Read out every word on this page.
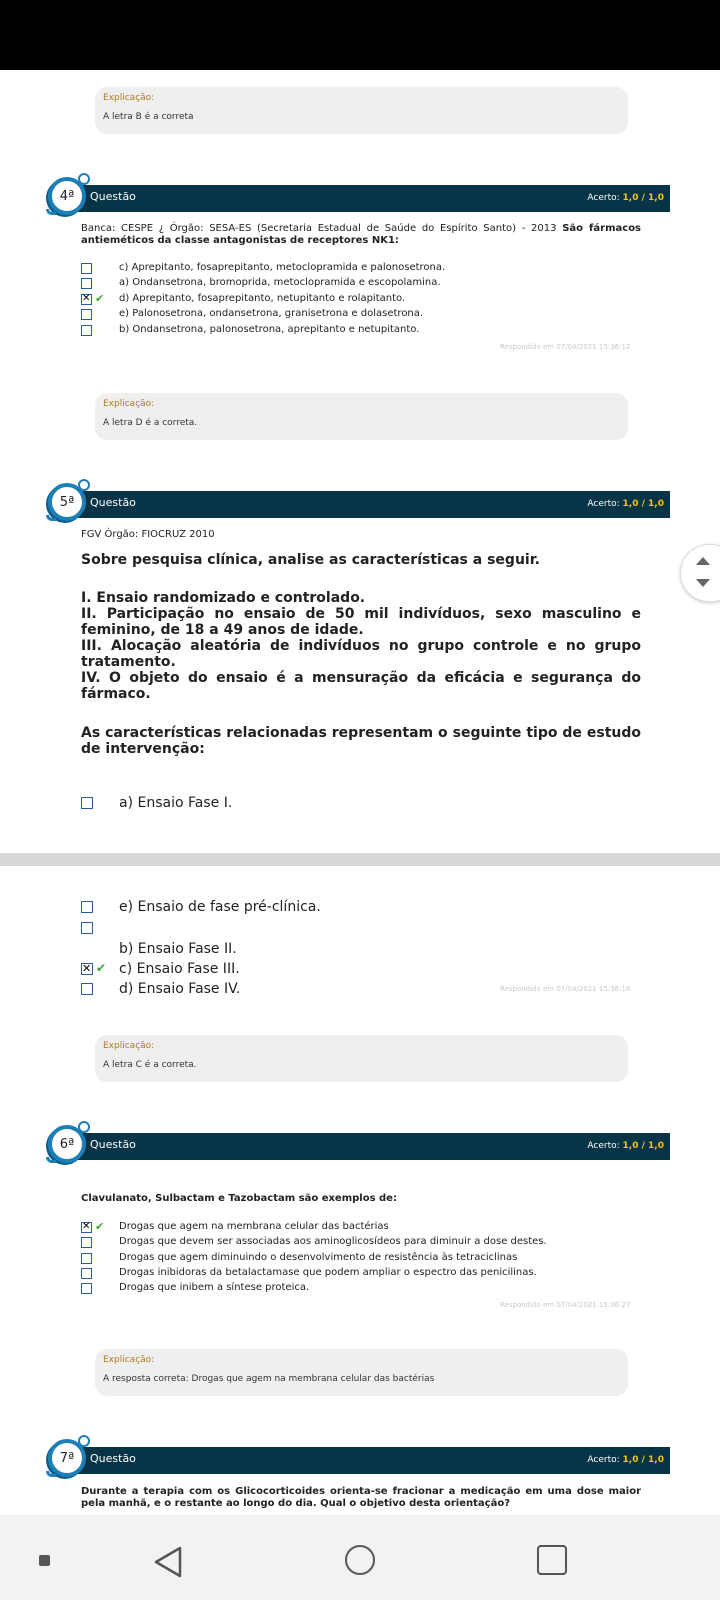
Explicação:
A letra B é a correta
Questão	Acerto: 1,0 / 1,0
4ª
Banca: CESPE ¿ Órgão: SESA-ES (Secretaria Estadual de Saúde do Espírito Santo) - 2013 São fármacos antieméticos da classe antagonistas de receptores NK1:
c) Aprepitanto, fosaprepitanto, metoclopramida e palonosetrona.
a) Ondansetrona, bromoprida, metoclopramida e escopolamina.
✕
✔ d) Aprepitanto, fosaprepitanto, netupitanto e rolapitanto.
e) Palonosetrona, ondansetrona, granisetrona e dolasetrona.
b) Ondansetrona, palonosetrona, aprepitanto e netupitanto.
Respondido em 07/04/2021 15:36:12
Explicação:
A letra D é a correta.
Questão	Acerto: 1,0 / 1,0
5ª
FGV Órgão: FIOCRUZ 2010
Sobre pesquisa clínica, analise as características a seguir.
I. Ensaio randomizado e controlado.
II. Participação no ensaio de 50 mil indivíduos, sexo masculino e feminino, de 18 a 49 anos de idade.
III. Alocação aleatória de indivíduos no grupo controle e no grupo tratamento.
IV. O objeto do ensaio é a mensuração da eficácia e segurança do fármaco.
As características relacionadas representam o seguinte tipo de estudo de intervenção:
a) Ensaio Fase I.
e) Ensaio de fase pré-clínica.
b) Ensaio Fase II.
✕
✔ c) Ensaio Fase III.
d) Ensaio Fase IV.	Respondido em 07/04/2021 15:36:18
Explicação:
A letra C é a correta.
Questão	Acerto: 1,0 / 1,0
6ª
Clavulanato, Sulbactam e Tazobactam são exemplos de:
✕
✔ Drogas que agem na membrana celular das bactérias
Drogas que devem ser associadas aos aminoglicosídeos para diminuir a dose destes.
Drogas que agem diminuindo o desenvolvimento de resistência às tetraciclinas
Drogas inibidoras da betalactamase que podem ampliar o espectro das penicilinas.
Drogas que inibem a síntese proteica.
Respondido em 07/04/2021 15:36:27
Explicação:
A resposta correta: Drogas que agem na membrana celular das bactérias
Questão	Acerto: 1,0 / 1,0
7ª
Durante a terapia com os Glicocorticoides orienta-se fracionar a medicação em uma dose maior pela manhã, e o restante ao longo do dia. Qual o objetivo desta orientação?
